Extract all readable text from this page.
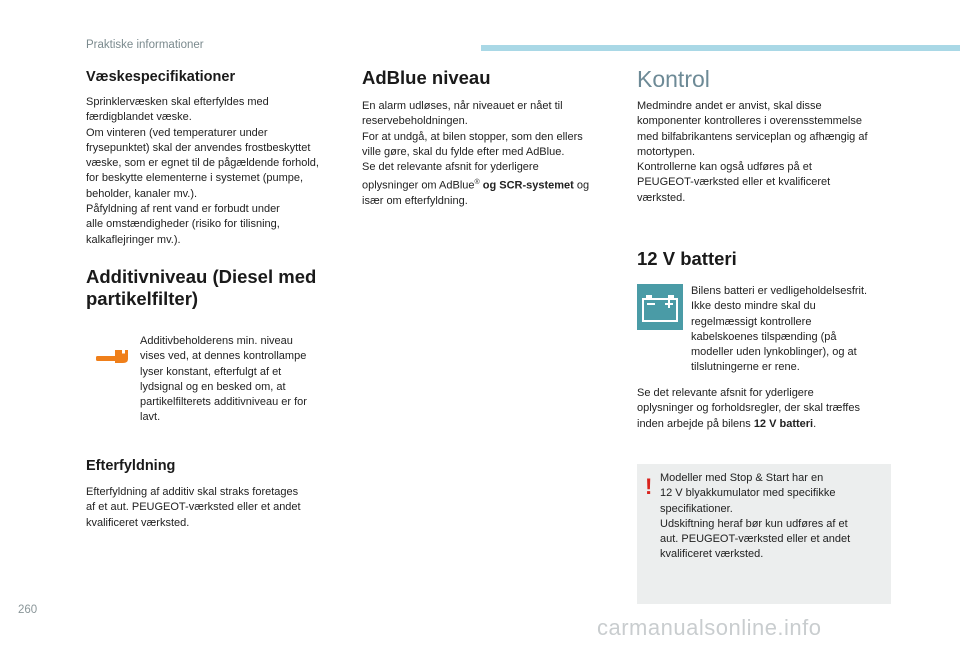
Praktiske informationer
Væskespecifikationer

Sprinklervæsken skal efterfyldes med

færdigblandet væske.

Om vinteren (ved temperaturer under

frysepunktet) skal der anvendes frostbeskyttet

væske, som er egnet til de pågældende forhold,

for beskytte elementerne i systemet (pumpe,

beholder, kanaler mv.).

Påfyldning af rent vand er forbudt under

alle omstændigheder (risiko for tilisning,

kalkaflejringer mv.).

Additivniveau (Diesel med
partikelfilter)

Additivbeholderens min. niveau

vises ved, at dennes kontrollampe

lyser konstant, efterfulgt af et

lydsignal og en besked om, at

partikelfilterets additivniveau er for

lavt.

Efterfyldning

Efterfyldning af additiv skal straks foretages

af et aut. PEUGEOT-værksted eller et andet

kvalificeret værksted.

AdBlue niveau

En alarm udløses, når niveauet er nået til

reservebeholdningen.

For at undgå, at bilen stopper, som den ellers

ville gøre, skal du fylde efter med AdBlue.

Se det relevante afsnit for yderligere

oplysninger om AdBlue® og SCR-systemet og

især om efterfyldning.

Kontrol

Medmindre andet er anvist, skal disse

komponenter kontrolleres i overensstemmelse

med bilfabrikantens serviceplan og afhængig af

motortypen.

Kontrollerne kan også udføres på et

PEUGEOT-værksted eller et kvalificeret

værksted.

12 V batteri

Bilens batteri er vedligeholdelsesfrit.

Ikke desto mindre skal du

regelmæssigt kontrollere

kabelskoenes tilspænding (på

modeller uden lynkoblinger), og at

tilslutningerne er rene.

Se det relevante afsnit for yderligere

oplysninger og forholdsregler, der skal træffes

inden arbejde på bilens 12 V batteri.

! Modeller med Stop & Start har en

12 V blyakkumulator med specifikke

specifikationer.

Udskiftning heraf bør kun udføres af et

aut. PEUGEOT-værksted eller et andet

kvalificeret værksted.

260
carmanualsonline.info
